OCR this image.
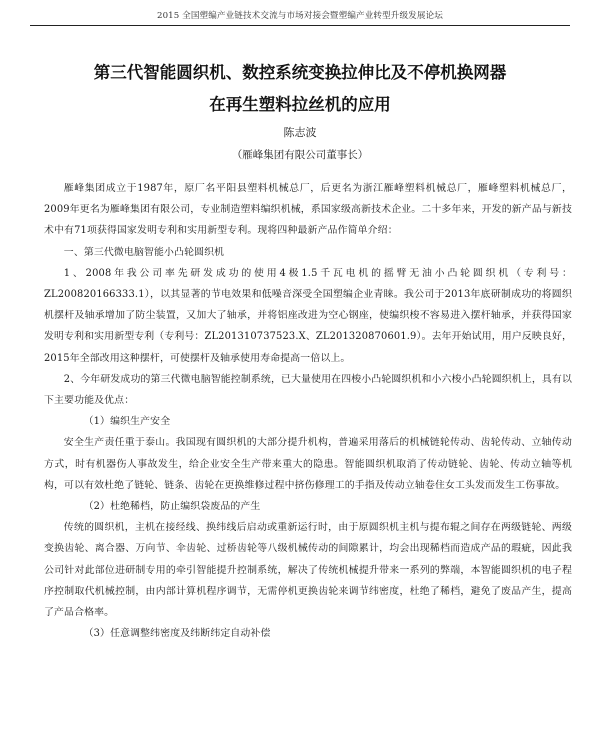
2015 全国塑编产业链技术交流与市场对接会暨塑编产业转型升级发展论坛
第三代智能圆织机、数控系统变换拉伸比及不停机换网器
在再生塑料拉丝机的应用
陈志波
（雁峰集团有限公司董事长）

雁峰集团成立于1987年，原厂名平阳县塑料机械总厂，后更名为浙江雁峰塑料机械总厂，雁峰塑料机械总厂，2009年更名为雁峰集团有限公司，专业制造塑料编织机械，系国家级高新技术企业。二十多年来，开发的新产品与新技术中有71项获得国家发明专利和实用新型专利。现将四种最新产品作简单介绍：

一、第三代微电脑智能小凸轮圆织机

1、2008年我公司率先研发成功的使用4极1.5千瓦电机的摇臂无油小凸轮圆织机（专利号：ZL200820166333.1），以其显著的节电效果和低噪音深受全国塑编企业青睐。我公司于2013年底研制成功的将圆织机摆杆及轴承增加了防尘装置，又加大了轴承，并将铝座改进为空心钢座，使编织梭不容易进入摆杆轴承，并获得国家发明专利和实用新型专利（专利号：ZL201310737523.X、ZL201320870601.9）。去年开始试用，用户反映良好，2015年全部改用这种摆杆，可使摆杆及轴承使用寿命提高一倍以上。

2、今年研发成功的第三代微电脑智能控制系统，已大量使用在四梭小凸轮圆织机和小六梭小凸轮圆织机上，具有以下主要功能及优点：

（1）编织生产安全

安全生产责任重于泰山。我国现有圆织机的大部分提升机构，普遍采用落后的机械链轮传动、齿轮传动、立轴传动方式，时有机器伤人事故发生，给企业安全生产带来重大的隐患。智能圆织机取消了传动链轮、齿轮、传动立轴等机构，可以有效杜绝了链轮、链条、齿轮在更换维修过程中挤伤修理工的手指及传动立轴卷住女工头发而发生工伤事故。

（2）杜绝稀档，防止编织袋废品的产生

传统的圆织机，主机在接经线、换纬线后启动或重新运行时，由于原圆织机主机与提布辊之间存在两级链轮、两级变换齿轮、离合器、万向节、伞齿轮、过桥齿轮等八级机械传动的间隙累计，均会出现稀档而造成产品的瑕疵，因此我公司针对此部位进研制专用的牵引智能提升控制系统，解决了传统机械提升带来一系列的弊端，本智能圆织机的电子程序控制取代机械控制，由内部计算机程序调节，无需停机更换齿轮来调节纬密度，杜绝了稀档，避免了废品产生，提高了产品合格率。

（3）任意调整纬密度及纬断纬定自动补偿
